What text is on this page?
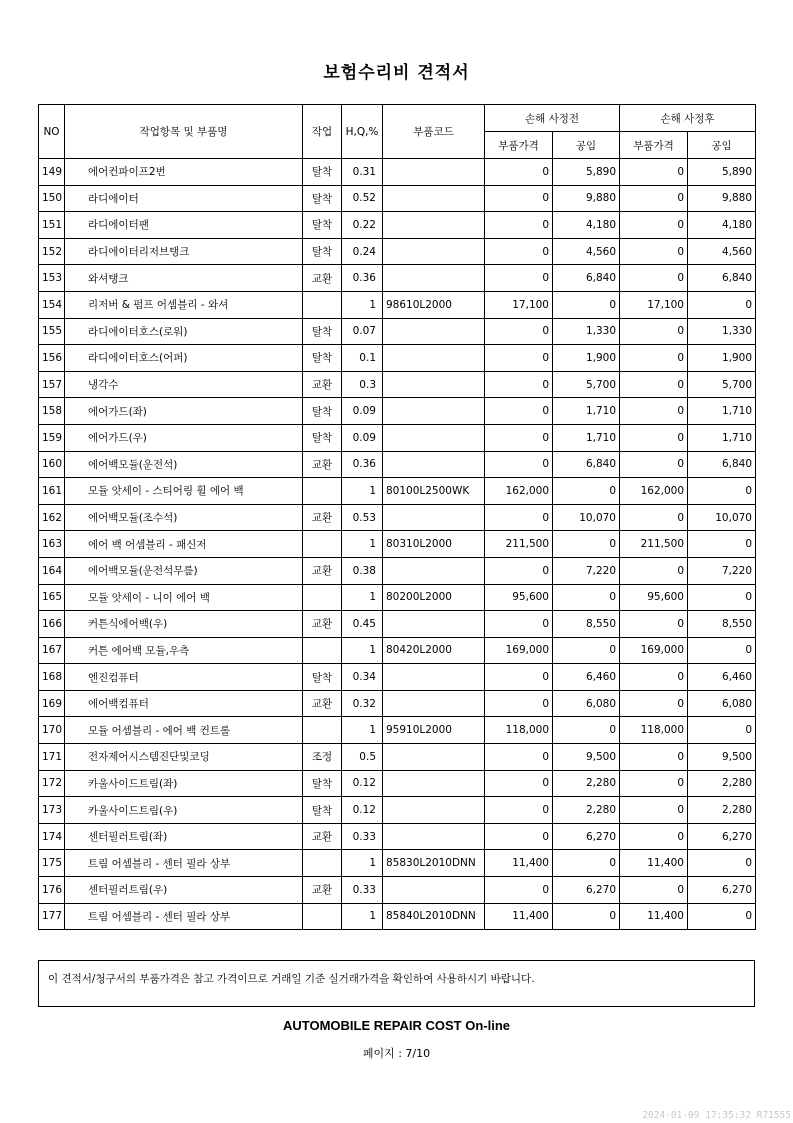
보험수리비 견적서
NO	작업항목 및 부품명	작업	H,Q,%	부품코드	손해 사정전		손해 사정후	
					부품가격	공임	부품가격	공임
149	에어컨파이프2번	탈착	0.31		0	5,890	0	5,890
150	라디에이터	탈착	0.52		0	9,880	0	9,880
151	라디에이터팬	탈착	0.22		0	4,180	0	4,180
152	라디에이터리저브탱크	탈착	0.24		0	4,560	0	4,560
153	와셔탱크	교환	0.36		0	6,840	0	6,840
154	리저버 & 펌프 어셈블리 - 와셔		1	98610L2000	17,100	0	17,100	0
155	라디에이터호스(로워)	탈착	0.07		0	1,330	0	1,330
156	라디에이터호스(어퍼)	탈착	0.1		0	1,900	0	1,900
157	냉각수	교환	0.3		0	5,700	0	5,700
158	에어가드(좌)	탈착	0.09		0	1,710	0	1,710
159	에어가드(우)	탈착	0.09		0	1,710	0	1,710
160	에어백모듈(운전석)	교환	0.36		0	6,840	0	6,840
161	모듈 앗세이 - 스티어링 휠 에어 백		1	80100L2500WK	162,000	0	162,000	0
162	에어백모듈(조수석)	교환	0.53		0	10,070	0	10,070
163	에어 백 어셈블리 - 패신저		1	80310L2000	211,500	0	211,500	0
164	에어백모듈(운전석무릎)	교환	0.38		0	7,220	0	7,220
165	모듈 앗세이 - 니이 에어 백		1	80200L2000	95,600	0	95,600	0
166	커튼식에어백(우)	교환	0.45		0	8,550	0	8,550
167	커튼 에어백 모듈,우측		1	80420L2000	169,000	0	169,000	0
168	엔진컴퓨터	탈착	0.34		0	6,460	0	6,460
169	에어백컴퓨터	교환	0.32		0	6,080	0	6,080
170	모듈 어셈블리 - 에어 백 컨트롤		1	95910L2000	118,000	0	118,000	0
171	전자제어시스템진단및코딩	조정	0.5		0	9,500	0	9,500
172	카울사이드트림(좌)	탈착	0.12		0	2,280	0	2,280
173	카울사이드트림(우)	탈착	0.12		0	2,280	0	2,280
174	센터필러트림(좌)	교환	0.33		0	6,270	0	6,270
175	트림 어셈블리 - 센터 필라 상부		1	85830L2010DNN	11,400	0	11,400	0
176	센터필러트림(우)	교환	0.33		0	6,270	0	6,270
177	트림 어셈블리 - 센터 필라 상부		1	85840L2010DNN	11,400	0	11,400	0
이 견적서/청구서의 부품가격은 참고 가격이므로 거래일 기준 실거래가격을 확인하여 사용하시기 바랍니다.
AUTOMOBILE REPAIR COST On-line
페이지 : 7/10
2024-01-09 17:35:32 R71555
